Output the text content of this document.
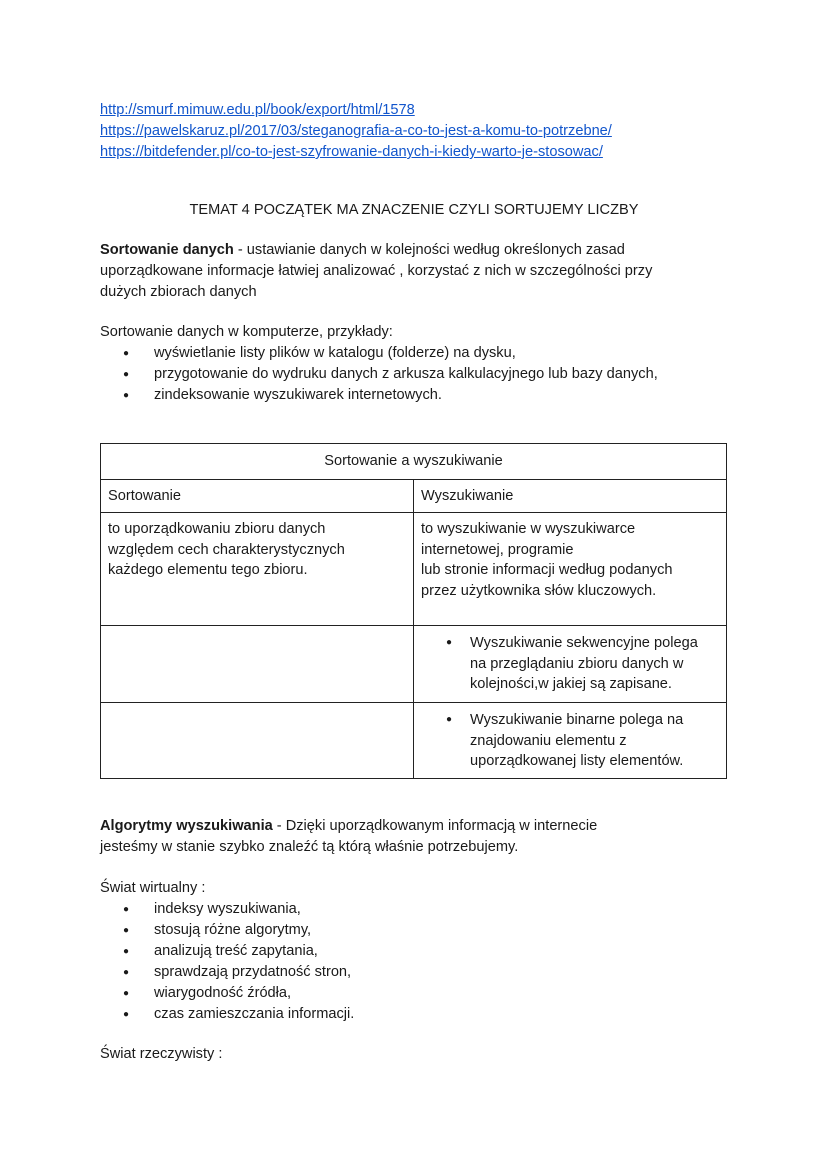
http://smurf.mimuw.edu.pl/book/export/html/1578
https://pawelskaruz.pl/2017/03/steganografia-a-co-to-jest-a-komu-to-potrzebne/
https://bitdefender.pl/co-to-jest-szyfrowanie-danych-i-kiedy-warto-je-stosowac/
TEMAT 4 POCZĄTEK MA ZNACZENIE CZYLI SORTUJEMY LICZBY

Sortowanie danych - ustawianie danych w kolejności według określonych zasad uporządkowane informacje łatwiej analizować , korzystać z nich w szczególności przy dużych zbiorach danych

Sortowanie danych w komputerze, przykłady:

● wyświetlanie listy plików w katalogu (folderze) na dysku,
● przygotowanie do wydruku danych z arkusza kalkulacyjnego lub bazy danych,
● zindeksowanie wyszukiwarek internetowych.
Sortowanie a wyszukiwanie	
Sortowanie	Wyszukiwanie

to uporządkowaniu zbioru danych względem cech charakterystycznych każdego elementu tego zbioru.	to wyszukiwanie w wyszukiwarce internetowej, programie
lub stronie informacji według podanych przez użytkownika słów kluczowych.

	● Wyszukiwanie sekwencyjne polega na przeglądaniu zbioru danych w kolejności,w jakiej są zapisane.

	● Wyszukiwanie binarne polega na znajdowaniu elementu z uporządkowanej listy elementów.

Algorytmy wyszukiwania - Dzięki uporządkowanym informacją w internecie jesteśmy w stanie szybko znaleźć tą którą właśnie potrzebujemy.

Świat wirtualny :

● indeksy wyszukiwania,
● stosują różne algorytmy,
● analizują treść zapytania,
● sprawdzają przydatność stron,
● wiarygodność źródła,
● czas zamieszczania informacji.

Świat rzeczywisty :
